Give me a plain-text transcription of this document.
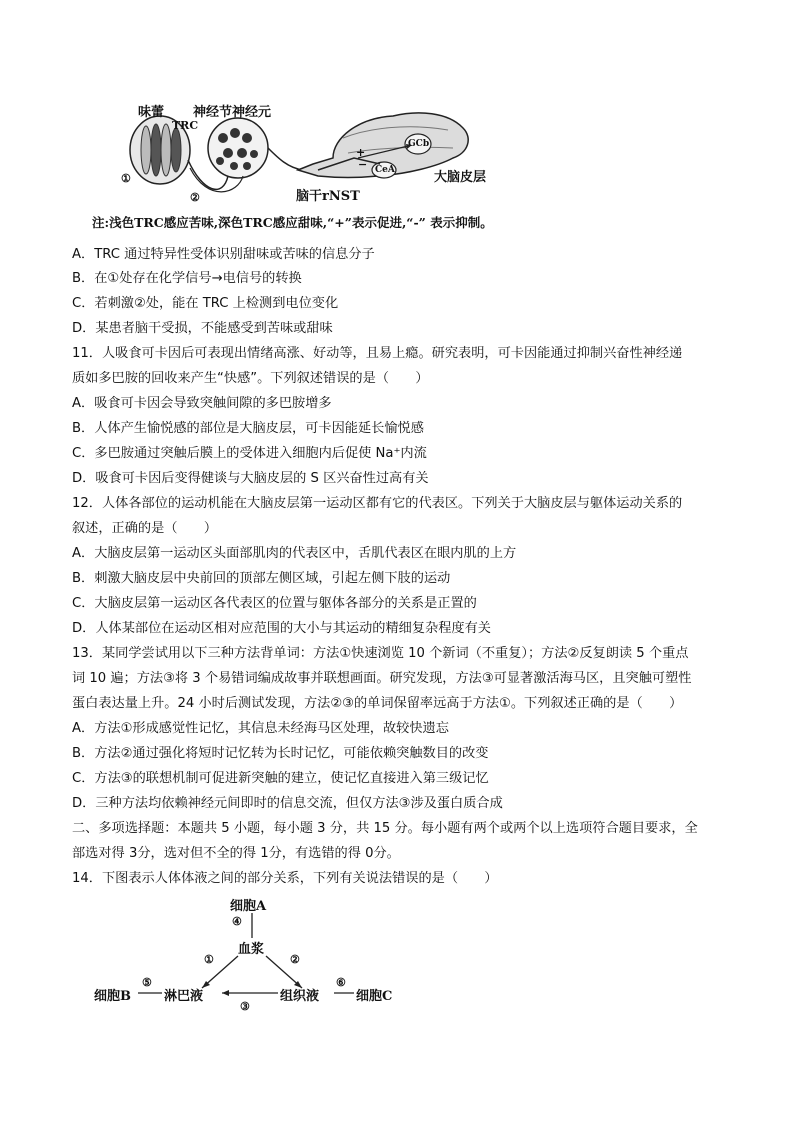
味蕾 神经节神经元
TRC
①
②
GCb
CeA
+
−
脑干rNST
大脑皮层
注:浅色TRC感应苦味,深色TRC感应甜味,“+”表示促进,“-” 表示抑制。
A．TRC 通过特异性受体识别甜味或苦味的信息分子
B．在①处存在化学信号→电信号的转换
C．若刺激②处，能在 TRC 上检测到电位变化
D．某患者脑干受损，不能感受到苦味或甜味
11．人吸食可卡因后可表现出情绪高涨、好动等，且易上瘾。研究表明，可卡因能通过抑制兴奋性神经递
质如多巴胺的回收来产生“快感”。下列叙述错误的是（　　）
A．吸食可卡因会导致突触间隙的多巴胺增多
B．人体产生愉悦感的部位是大脑皮层，可卡因能延长愉悦感
C．多巴胺通过突触后膜上的受体进入细胞内后促使 Na⁺内流
D．吸食可卡因后变得健谈与大脑皮层的 S 区兴奋性过高有关
12．人体各部位的运动机能在大脑皮层第一运动区都有它的代表区。下列关于大脑皮层与躯体运动关系的
叙述，正确的是（　　）
A．大脑皮层第一运动区头面部肌肉的代表区中，舌肌代表区在眼内肌的上方
B．刺激大脑皮层中央前回的顶部左侧区域，引起左侧下肢的运动
C．大脑皮层第一运动区各代表区的位置与躯体各部分的关系是正置的
D．人体某部位在运动区相对应范围的大小与其运动的精细复杂程度有关
13．某同学尝试用以下三种方法背单词：方法①快速浏览 10 个新词（不重复）；方法②反复朗读 5 个重点
词 10 遍；方法③将 3 个易错词编成故事并联想画面。研究发现，方法③可显著激活海马区，且突触可塑性
蛋白表达量上升。24 小时后测试发现，方法②③的单词保留率远高于方法①。下列叙述正确的是（　　）
A．方法①形成感觉性记忆，其信息未经海马区处理，故较快遗忘
B．方法②通过强化将短时记忆转为长时记忆，可能依赖突触数目的改变
C．方法③的联想机制可促进新突触的建立，使记忆直接进入第三级记忆
D．三种方法均依赖神经元间即时的信息交流，但仅方法③涉及蛋白质合成
二、多项选择题：本题共 5 小题，每小题 3 分，共 15 分。每小题有两个或两个以上选项符合题目要求，全
部选对得 3分，选对但不全的得 1分，有选错的得 0分。
14．下图表示人体体液之间的部分关系，下列有关说法错误的是（　　）
细胞A
④
血浆
①	②
细胞B
⑤
淋巴液
③
组织液
⑥
细胞C
